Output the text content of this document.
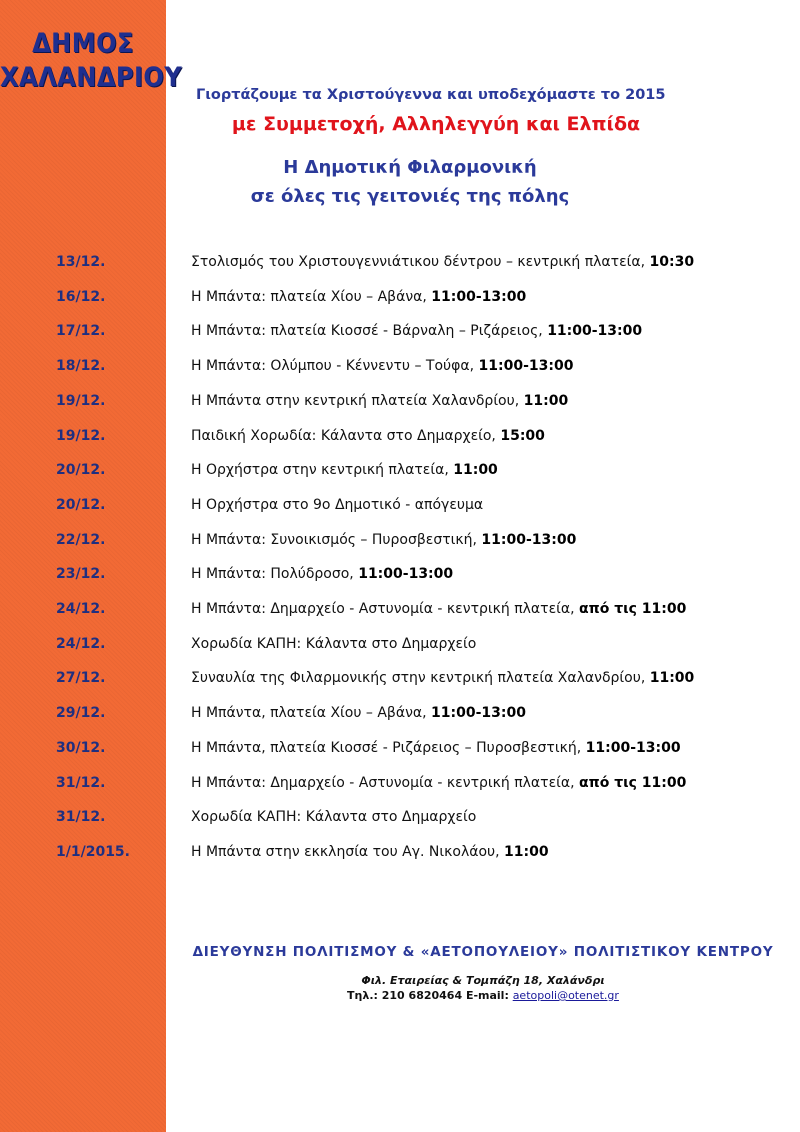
ΔΗΜΟΣ
ΧΑΛΑΝΔΡΙΟΥ
Γιορτάζουμε τα Χριστούγεννα και υποδεχόμαστε το 2015
με Συμμετοχή, Αλληλεγγύη και Ελπίδα
Η Δημοτική Φιλαρμονική
σε όλες τις γειτονιές της πόλης
13/12.	Στολισμός του Χριστουγεννιάτικου δέντρου – κεντρική πλατεία, 10:30
16/12.	Η Μπάντα: πλατεία Χίου – Αβάνα, 11:00-13:00
17/12.	Η Μπάντα: πλατεία Κιοσσέ - Βάρναλη – Ριζάρειος, 11:00-13:00
18/12.	Η Μπάντα: Ολύμπου - Κέννεντυ – Τούφα, 11:00-13:00
19/12.	Η Μπάντα στην κεντρική πλατεία Χαλανδρίου, 11:00
19/12.	Παιδική Χορωδία: Κάλαντα στο Δημαρχείο, 15:00
20/12.	Η Ορχήστρα στην κεντρική πλατεία, 11:00
20/12.	Η Ορχήστρα στο 9ο Δημοτικό - απόγευμα
22/12.	Η Μπάντα: Συνοικισμός – Πυροσβεστική, 11:00-13:00
23/12.	Η Μπάντα: Πολύδροσο, 11:00-13:00
24/12.	Η Μπάντα: Δημαρχείο - Αστυνομία - κεντρική πλατεία, από τις 11:00
24/12.	Χορωδία ΚΑΠΗ: Κάλαντα στο Δημαρχείο
27/12.	Συναυλία της Φιλαρμονικής στην κεντρική πλατεία Χαλανδρίου, 11:00
29/12.	Η Μπάντα, πλατεία Χίου – Αβάνα, 11:00-13:00
30/12.	Η Μπάντα, πλατεία Κιοσσέ - Ριζάρειος – Πυροσβεστική, 11:00-13:00
31/12.	Η Μπάντα: Δημαρχείο - Αστυνομία - κεντρική πλατεία, από τις 11:00
31/12.	Χορωδία ΚΑΠΗ: Κάλαντα στο Δημαρχείο
1/1/2015.	Η Μπάντα στην εκκλησία του Αγ. Νικολάου, 11:00
ΔΙΕΥΘΥΝΣΗ ΠΟΛΙΤΙΣΜΟΥ & «ΑΕΤΟΠΟΥΛΕΙΟΥ» ΠΟΛΙΤΙΣΤΙΚΟΥ ΚΕΝΤΡΟΥ
Φιλ. Εταιρείας & Τομπάζη 18, Χαλάνδρι
Τηλ.: 210 6820464 E-mail: aetopoli@otenet.gr
